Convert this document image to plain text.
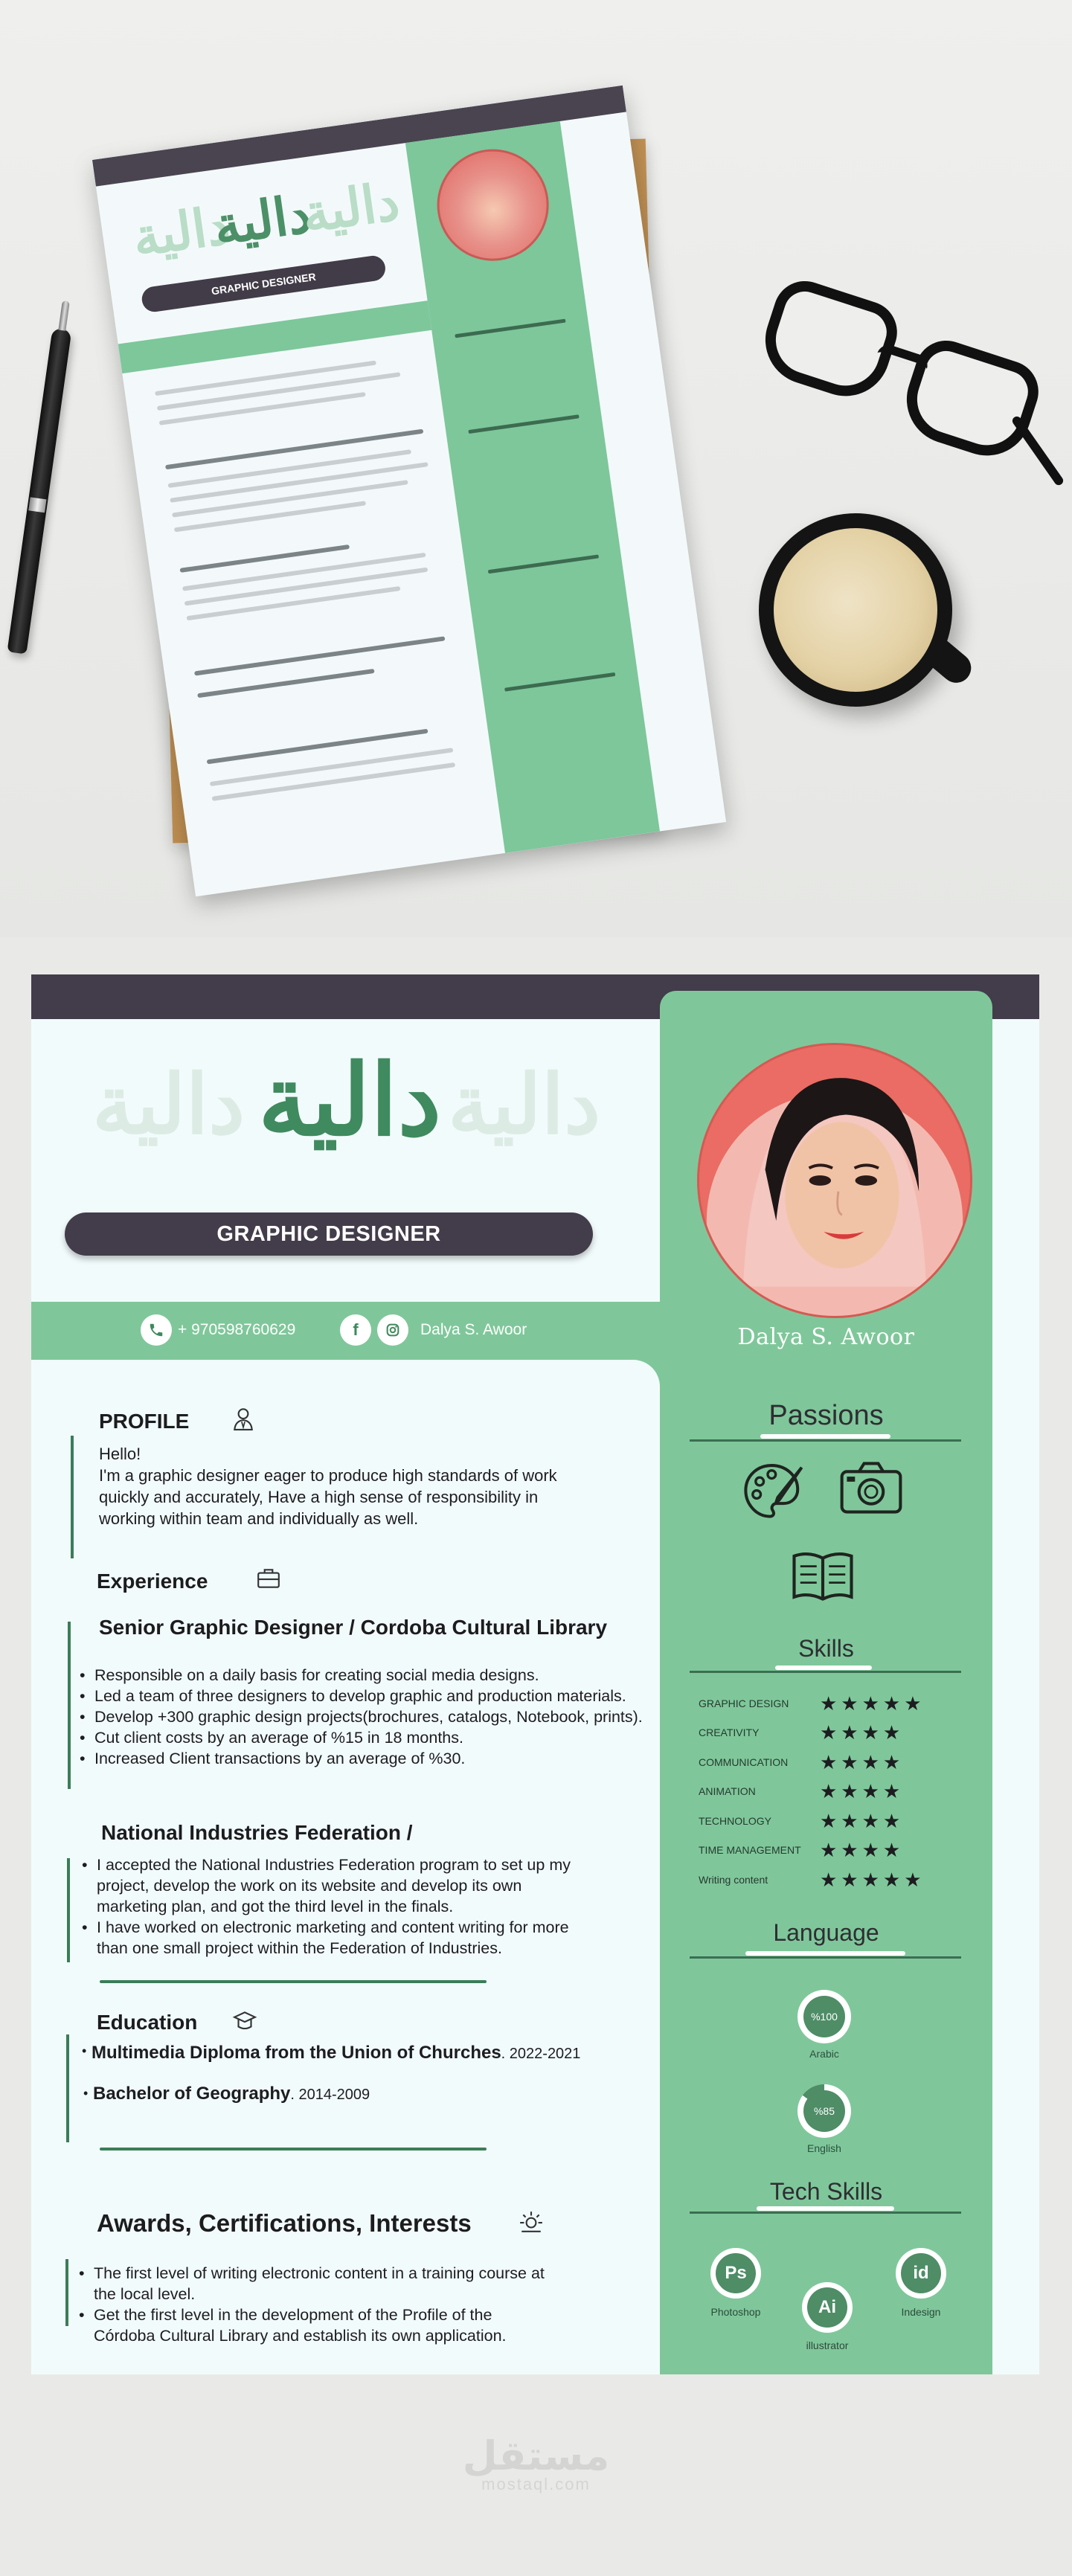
دالية
دالية
دالية
GRAPHIC DESIGNER
دالية دالية دالية
GRAPHIC DESIGNER
+ 970598760629	f	Dalya S. Awoor	Dalya S. Awoor
Passions
Skills
GRAPHIC DESIGN	★★★★★
CREATIVITY	★★★★
COMMUNICATION	★★★★
ANIMATION	★★★★
TECHNOLOGY	★★★★
TIME MANAGEMENT ★★★★
Writing content	★★★★★
Language
%100
Arabic
%85
English
Tech Skills
Ps
Photoshop	Ai
illustrator
id
Indesign
PROFILE
Hello!
I'm a graphic designer eager to produce high standards of work
quickly and accurately, Have a high sense of responsibility in
working within team and individually as well.
Experience
Senior Graphic Designer / Cordoba Cultural Library
• Responsible on a daily basis for creating social media designs.
• Led a team of three designers to develop graphic and production materials.
• Develop +300 graphic design projects(brochures, catalogs, Notebook, prints).
• Cut client costs by an average of %15 in 18 months.
• Increased Client transactions by an average of %30.
National Industries Federation /
• I accepted the National Industries Federation program to set up my project, develop the work on its website and develop its own marketing plan, and got the third level in the finals.
• I have worked on electronic marketing and content writing for more than one small project within the Federation of Industries.
Education
• Multimedia Diploma from the Union of Churches. 2022-2021
• Bachelor of Geography. 2014-2009
Awards, Certifications, Interests
• The first level of writing electronic content in a training course at the local level.
• Get the first level in the development of the Profile of the Córdoba Cultural Library and establish its own application.
مستقل
mostaql.com
